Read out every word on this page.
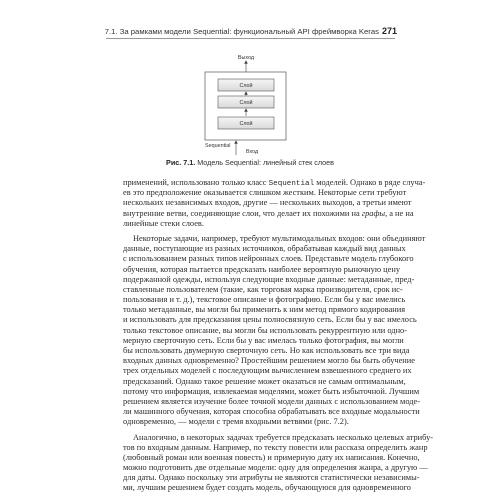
7.1. За рамками модели Sequential: функциональный API фреймворка Keras 271
Выход
Слой
Слой
Слой
Sequential
Вход
Рис. 7.1. Модель Sequential: линейный стек слоев
применений, использовано только класс Sequential моделей. Однако в ряде случа-
ев это предположение оказывается слишком жестким. Некоторые сети требуют
нескольких независимых входов, другие — нескольких выходов, а третьи имеют
внутренние ветви, соединяющие слои, что делает их похожими на графы, а не на
линейные стеки слоев.
Некоторые задачи, например, требуют мультимодальных входов: они объединяют
данные, поступающие из разных источников, обрабатывая каждый вид данных
с использованием разных типов нейронных слоев. Представьте модель глубокого
обучения, которая пытается предсказать наиболее вероятную рыночную цену
подержанной одежды, используя следующие входные данные: метаданные, пред-
ставленные пользователем (такие, как торговая марка производителя, срок ис-
пользования и т. д.), текстовое описание и фотографию. Если бы у вас имелись
только метаданные, вы могли бы применить к ним метод прямого кодирования
и использовать для предсказания цены полносвязную сеть. Если бы у вас имелось
только текстовое описание, вы могли бы использовать рекуррентную или одно-
мерную сверточную сеть. Если бы у вас имелась только фотография, вы могли
бы использовать двумерную сверточную сеть. Но как использовать все три вида
входных данных одновременно? Простейшим решением могло бы быть обучение
трех отдельных моделей с последующим вычислением взвешенного среднего их
предсказаний. Однако такое решение может оказаться не самым оптимальным,
потому что информация, извлекаемая моделями, может быть избыточной. Лучшим
решением является изучение более точной модели данных с использованием моде-
ли машинного обучения, которая способна обрабатывать все входные модальности
одновременно, — модели с тремя входными ветвями (рис. 7.2).
Аналогично, в некоторых задачах требуется предсказать несколько целевых атрибу-
тов по входным данным. Например, по тексту повести или рассказа определить жанр
(любовный роман или военная повесть) и примерную дату их написания. Конечно,
можно подготовить две отдельные модели: одну для определения жанра, а другую —
для даты. Однако поскольку эти атрибуты не являются статистически независимы-
ми, лучшим решением будет создать модель, обучающуюся для одновременного
